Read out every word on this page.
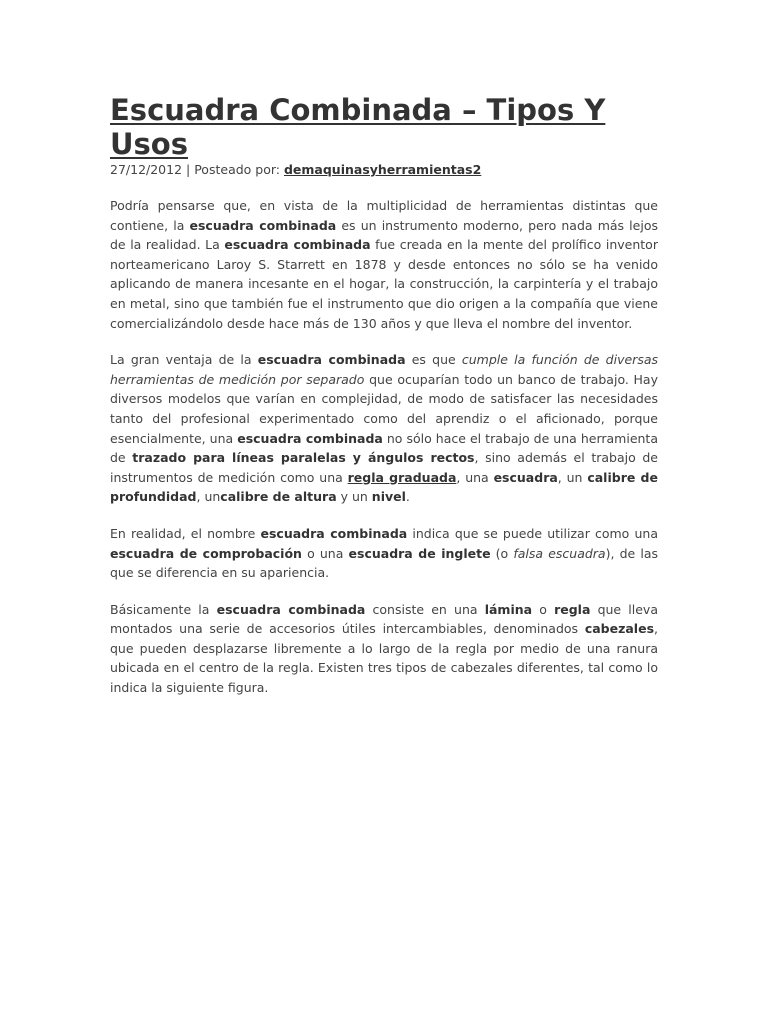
Escuadra Combinada – Tipos Y Usos
27/12/2012 | Posteado por: demaquinasyherramientas2

Podría pensarse que, en vista de la multiplicidad de herramientas distintas que contiene, la escuadra combinada es un instrumento moderno, pero nada más lejos de la realidad. La escuadra combinada fue creada en la mente del prolífico inventor norteamericano Laroy S. Starrett en 1878 y desde entonces no sólo se ha venido aplicando de manera incesante en el hogar, la construcción, la carpintería y el trabajo en metal, sino que también fue el instrumento que dio origen a la compañía que viene comercializándolo desde hace más de 130 años y que lleva el nombre del inventor.

La gran ventaja de la escuadra combinada es que cumple la función de diversas herramientas de medición por separado que ocuparían todo un banco de trabajo. Hay diversos modelos que varían en complejidad, de modo de satisfacer las necesidades tanto del profesional experimentado como del aprendiz o el aficionado, porque esencialmente, una escuadra combinada no sólo hace el trabajo de una herramienta de trazado para líneas paralelas y ángulos rectos, sino además el trabajo de instrumentos de medición como una regla graduada, una escuadra, un calibre de profundidad, uncalibre de altura y un nivel.

En realidad, el nombre escuadra combinada indica que se puede utilizar como una escuadra de comprobación o una escuadra de inglete (o falsa escuadra), de las que se diferencia en su apariencia.

Básicamente la escuadra combinada consiste en una lámina o regla que lleva montados una serie de accesorios útiles intercambiables, denominados cabezales, que pueden desplazarse libremente a lo largo de la regla por medio de una ranura ubicada en el centro de la regla. Existen tres tipos de cabezales diferentes, tal como lo indica la siguiente figura.
